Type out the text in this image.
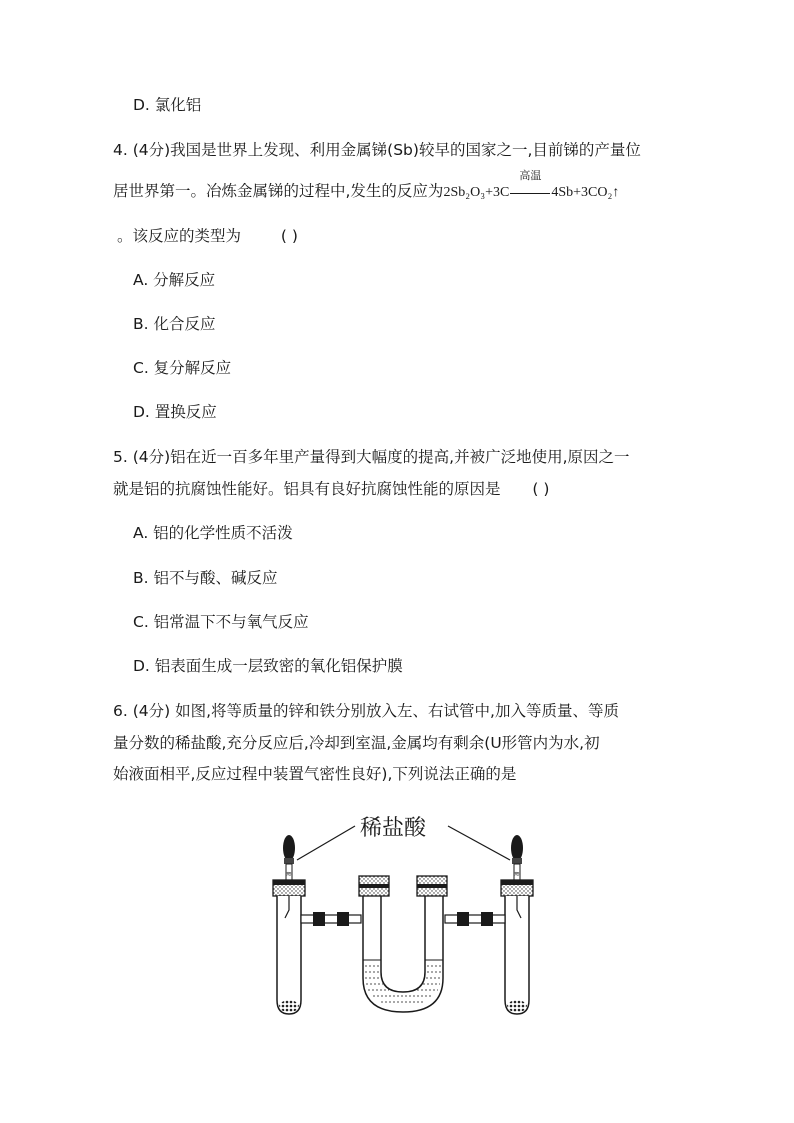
D. 氯化铝
4. (4分)我国是世界上发现、利用金属锑(Sb)较早的国家之一,目前锑的产量位
居世界第一。冶炼金属锑的过程中,发生的反应为2Sb₂O₃+3C
高温
4Sb+3CO₂↑
。该反应的类型为	( )
A. 分解反应
B. 化合反应
C. 复分解反应
D. 置换反应
5. (4分)铝在近一百多年里产量得到大幅度的提高,并被广泛地使用,原因之一
就是铝的抗腐蚀性能好。铝具有良好抗腐蚀性能的原因是 ( )
A. 铝的化学性质不活泼
B. 铝不与酸、碱反应
C. 铝常温下不与氧气反应
D. 铝表面生成一层致密的氧化铝保护膜
6. (4分) 如图,将等质量的锌和铁分别放入左、右试管中,加入等质量、等质
量分数的稀盐酸,充分反应后,冷却到室温,金属均有剩余(U形管内为水,初
始液面相平,反应过程中装置气密性良好),下列说法正确的是
稀盐酸
≋	≋
